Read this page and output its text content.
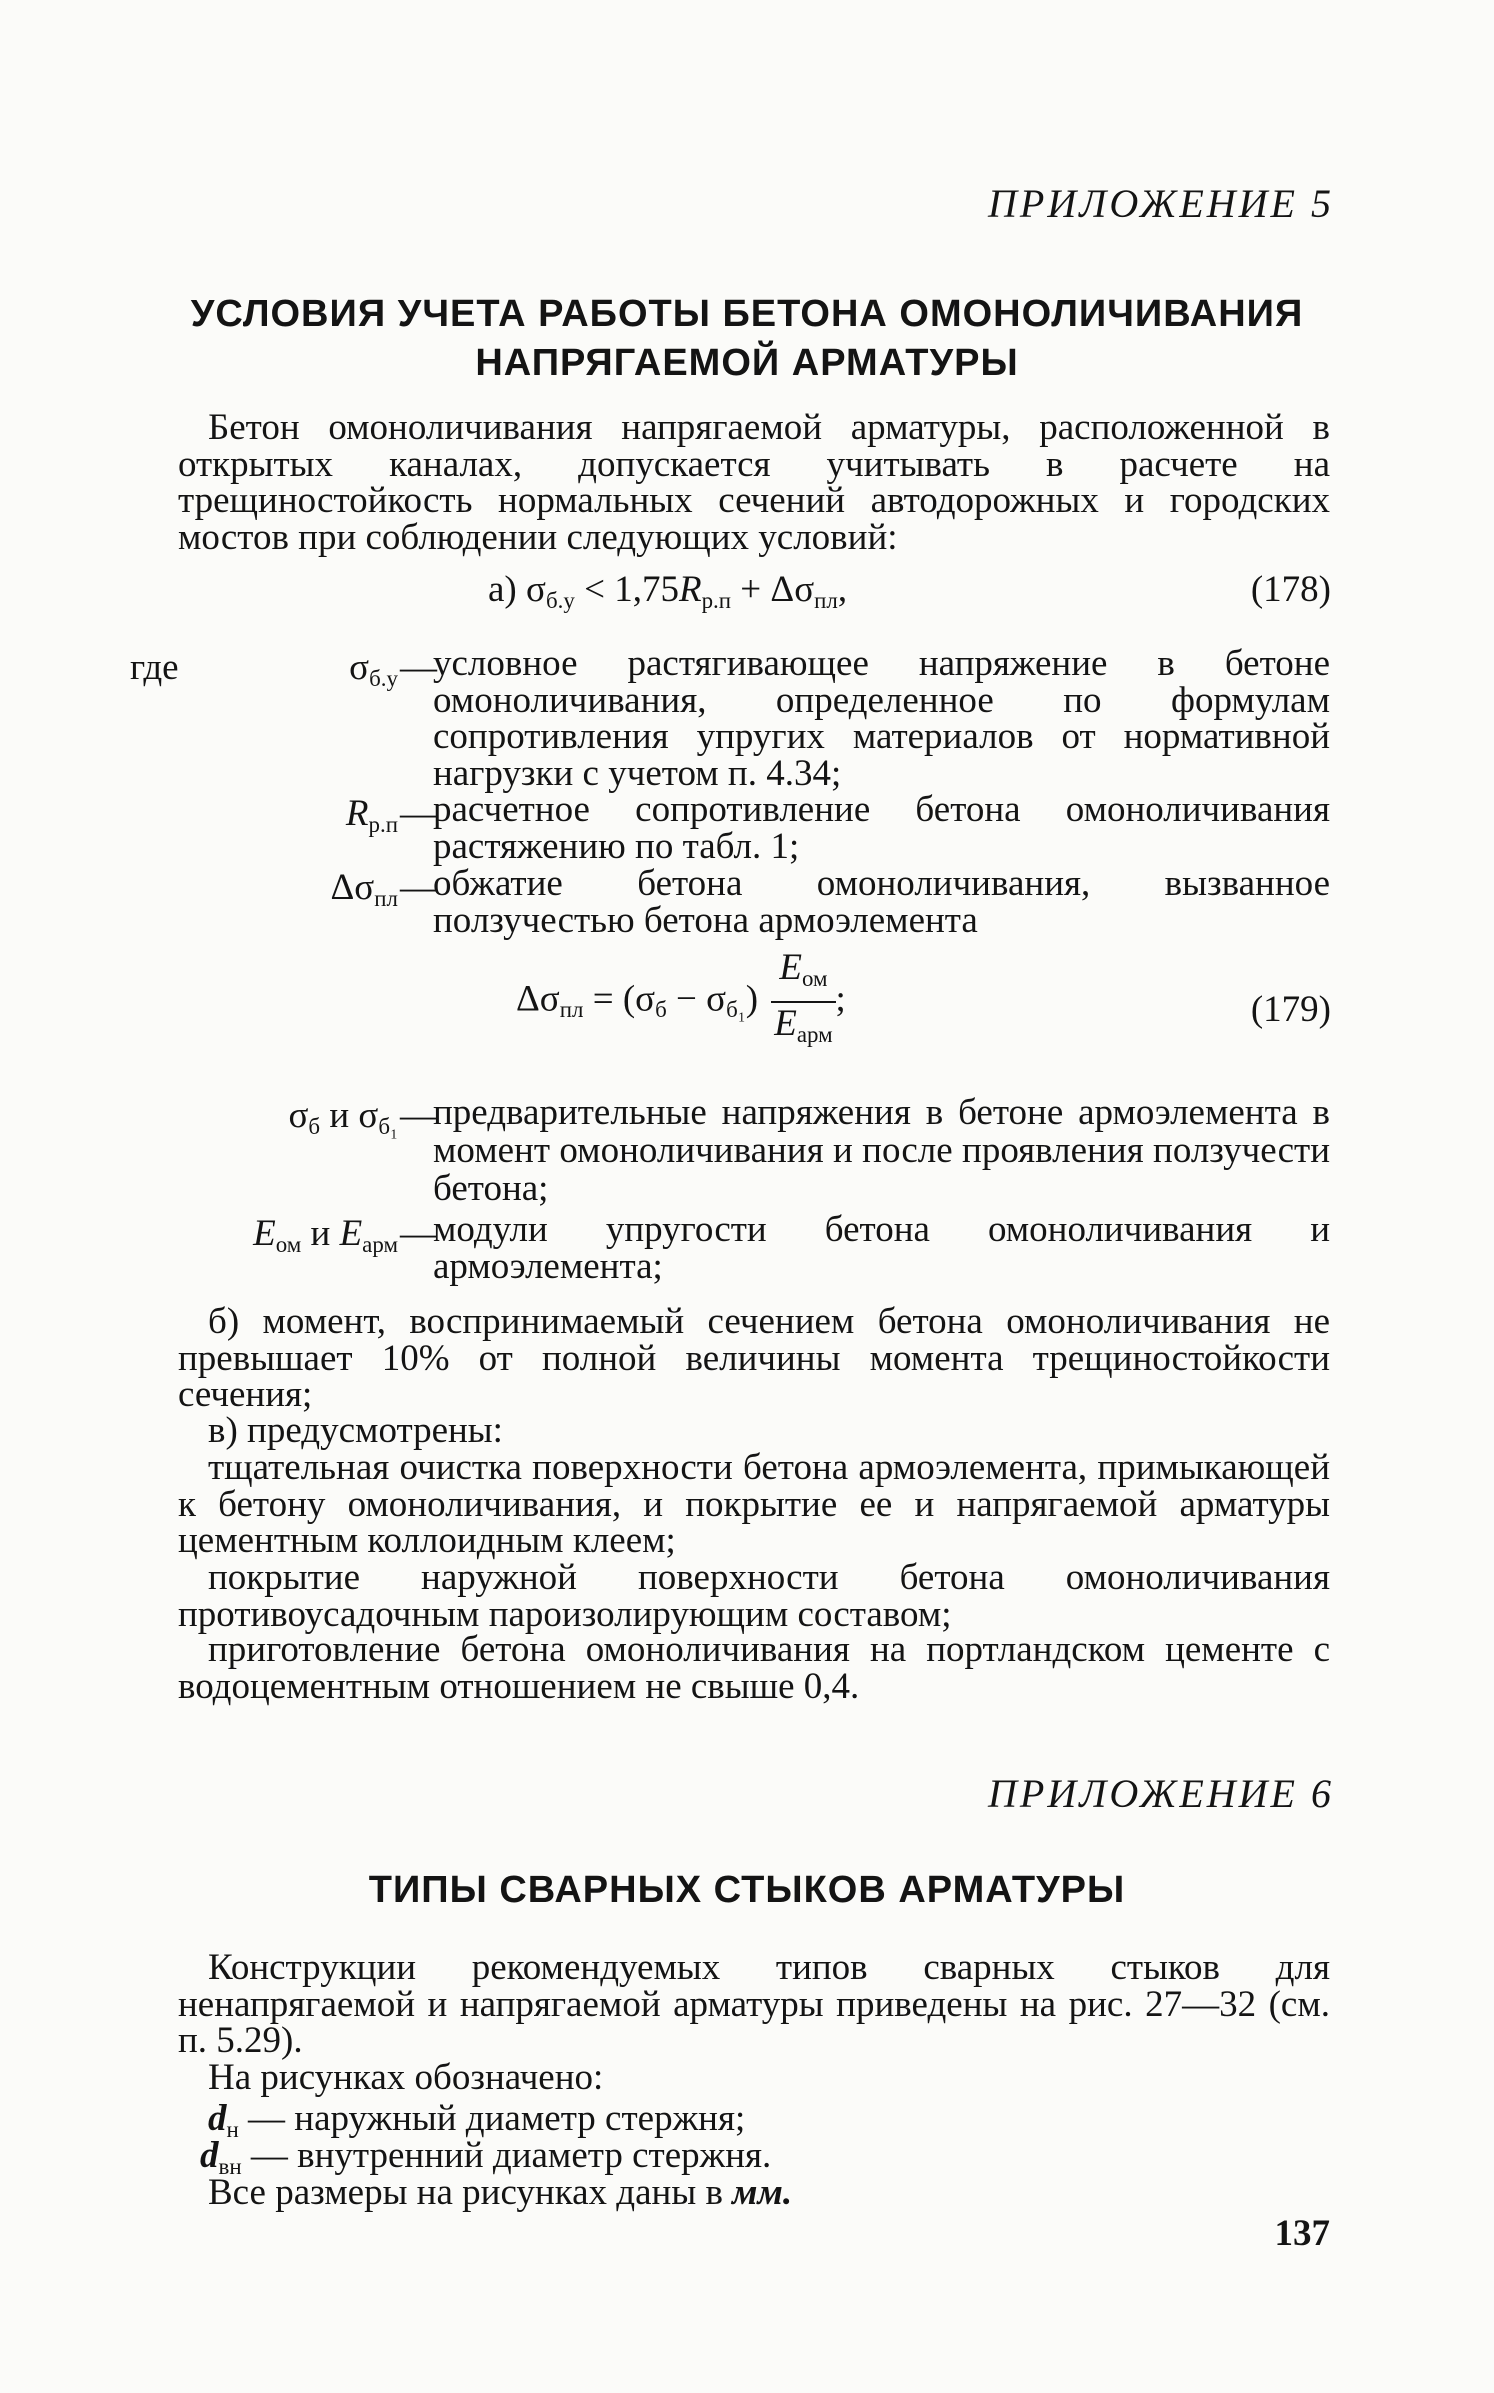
ПРИЛОЖЕНИЕ 5
УСЛОВИЯ УЧЕТА РАБОТЫ БЕТОНА ОМОНОЛИЧИВАНИЯ
НАПРЯГАЕМОЙ АРМАТУРЫ
Бетон омоноличивания напрягаемой арматуры, расположенной в открытых каналах, допускается учитывать в расчете на трещиностойкость нормальных сечений автодорожных и городских мостов при соблюдении следующих условий:
а) $\sigma_{б.у} < 1,75R_{р.п} + \Delta\sigma_{пл}$,	(178)
где	$\sigma_{б.у}$ —
условное растягивающее напряжение в бетоне омоноличивания, определенное по формулам сопротивления упругих материалов от нормативной нагрузки с учетом п. 4.34;
$R_{р.п}$ —
расчетное сопротивление бетона омоноличивания растяжению по табл. 1;
$\Delta\sigma_{пл}$ —
обжатие бетона омоноличивания, вызванное ползучестью бетона армоэлемента
$\Delta\sigma_{пл} = (\sigma_б - \sigma_{б_1}) \frac{E_{ом}}{E_{арм}}$ ;	(179)
$\sigma_б$ и $\sigma_{б_1}$ —
предварительные напряжения в бетоне армоэлемента в момент омоноличивания и после проявления ползучести бетона;
$E_{ом}$ и $E_{арм}$ —
модули упругости бетона омоноличивания и армоэлемента;
б) момент, воспринимаемый сечением бетона омоноличивания не превышает 10% от полной величины момента трещиностойкости сечения;
в) предусмотрены:
тщательная очистка поверхности бетона армоэлемента, примыкающей к бетону омоноличивания, и покрытие ее и напрягаемой арматуры цементным коллоидным клеем;
покрытие наружной поверхности бетона омоноличивания противоусадочным пароизолирующим составом;
приготовление бетона омоноличивания на портландском цементе с водоцементным отношением не свыше 0,4.
ПРИЛОЖЕНИЕ 6
ТИПЫ СВАРНЫХ СТЫКОВ АРМАТУРЫ
Конструкции рекомендуемых типов сварных стыков для ненапрягаемой и напрягаемой арматуры приведены на рис. 27—32 (см. п. 5.29).
На рисунках обозначено:
$d_н$ — наружный диаметр стержня;
$d_{вн}$ — внутренний диаметр стержня.
Все размеры на рисунках даны в мм.
137
